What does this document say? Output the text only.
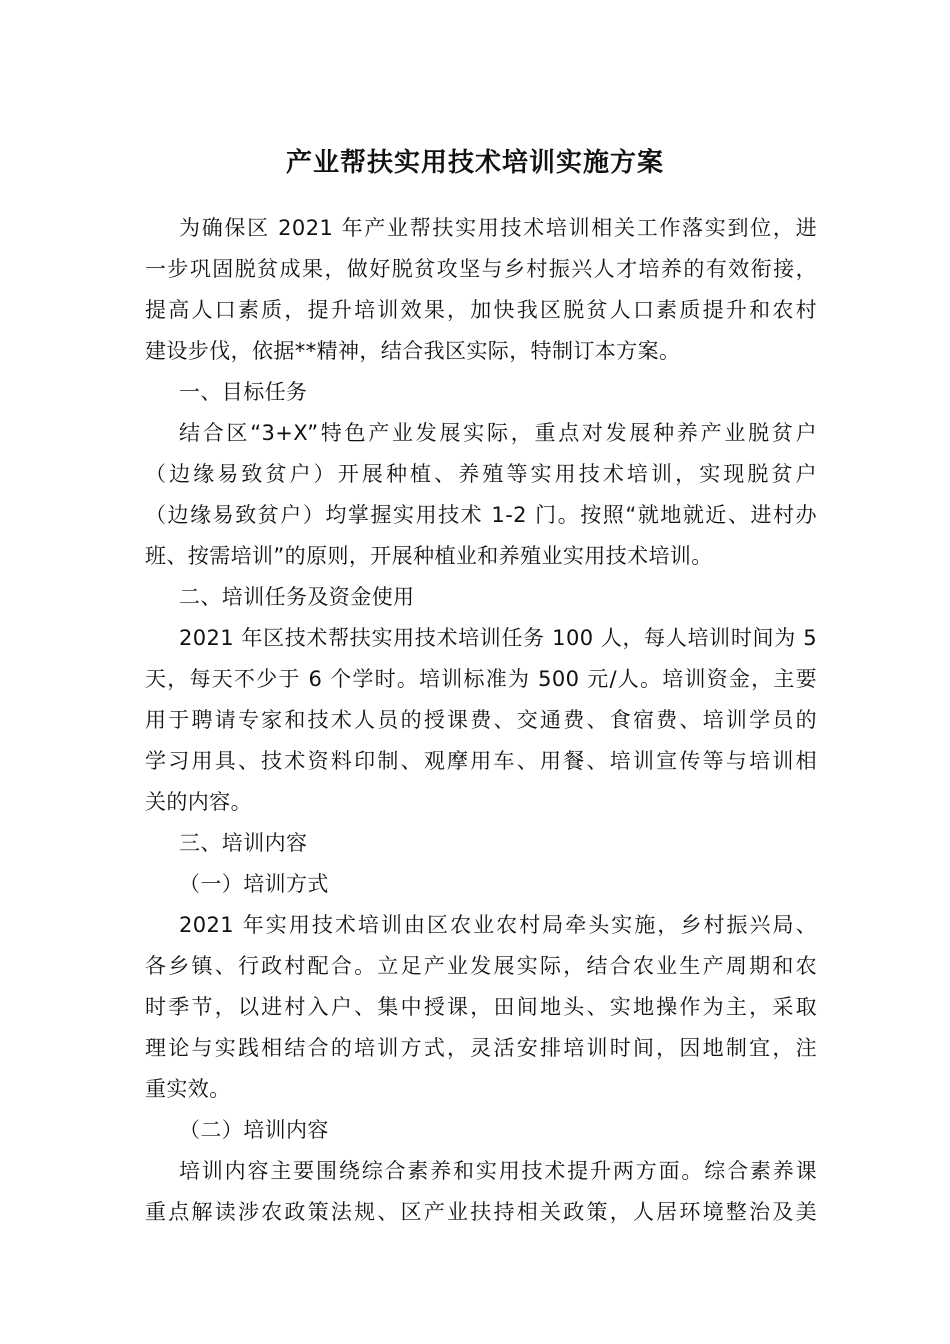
产业帮扶实用技术培训实施方案
为确保区 2021 年产业帮扶实用技术培训相关工作落实到位，进
一步巩固脱贫成果，做好脱贫攻坚与乡村振兴人才培养的有效衔接，
提高人口素质，提升培训效果，加快我区脱贫人口素质提升和农村
建设步伐，依据**精神，结合我区实际，特制订本方案。
一、目标任务
结合区“3+X”特色产业发展实际，重点对发展种养产业脱贫户
（边缘易致贫户）开展种植、养殖等实用技术培训，实现脱贫户
（边缘易致贫户）均掌握实用技术 1-2 门。按照“就地就近、进村办
班、按需培训”的原则，开展种植业和养殖业实用技术培训。
二、培训任务及资金使用
2021 年区技术帮扶实用技术培训任务 100 人，每人培训时间为 5
天，每天不少于 6 个学时。培训标准为 500 元/人。培训资金，主要
用于聘请专家和技术人员的授课费、交通费、食宿费、培训学员的
学习用具、技术资料印制、观摩用车、用餐、培训宣传等与培训相
关的内容。
三、培训内容
（一）培训方式
2021 年实用技术培训由区农业农村局牵头实施，乡村振兴局、
各乡镇、行政村配合。立足产业发展实际，结合农业生产周期和农
时季节，以进村入户、集中授课，田间地头、实地操作为主，采取
理论与实践相结合的培训方式，灵活安排培训时间，因地制宜，注
重实效。
（二）培训内容
培训内容主要围绕综合素养和实用技术提升两方面。综合素养课
重点解读涉农政策法规、区产业扶持相关政策，人居环境整治及美
